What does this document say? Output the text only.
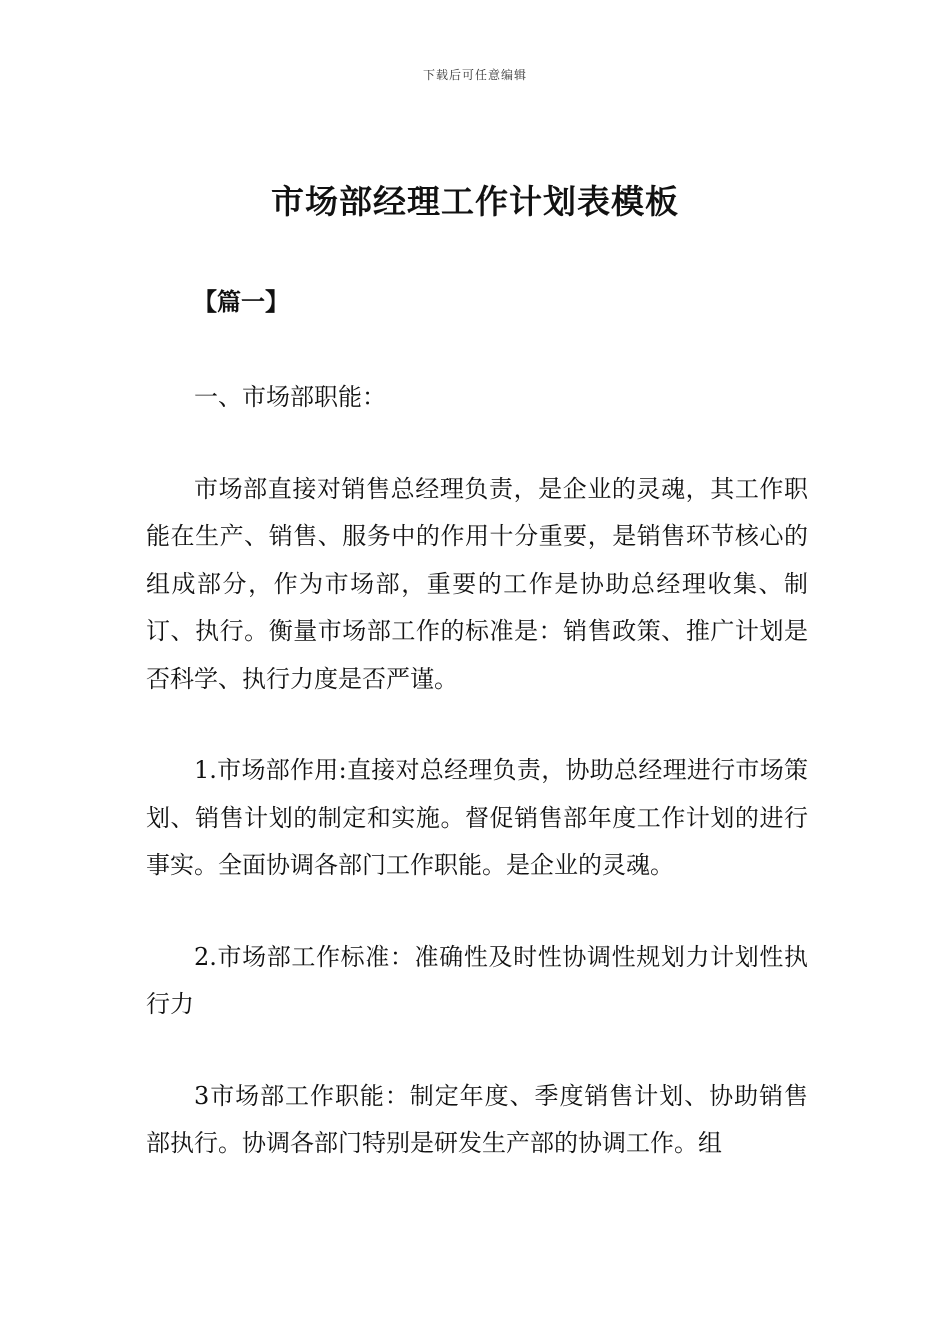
下载后可任意编辑
市场部经理工作计划表模板
【篇一】

一、市场部职能：

市场部直接对销售总经理负责，是企业的灵魂，其工作职能在生产、销售、服务中的作用十分重要，是销售环节核心的组成部分，作为市场部，重要的工作是协助总经理收集、制订、执行。衡量市场部工作的标准是：销售政策、推广计划是否科学、执行力度是否严谨。

1.市场部作用:直接对总经理负责，协助总经理进行市场策划、销售计划的制定和实施。督促销售部年度工作计划的进行事实。全面协调各部门工作职能。是企业的灵魂。

2.市场部工作标准：准确性及时性协调性规划力计划性执行力

3市场部工作职能：制定年度、季度销售计划、协助销售部执行。协调各部门特别是研发生产部的协调工作。组
